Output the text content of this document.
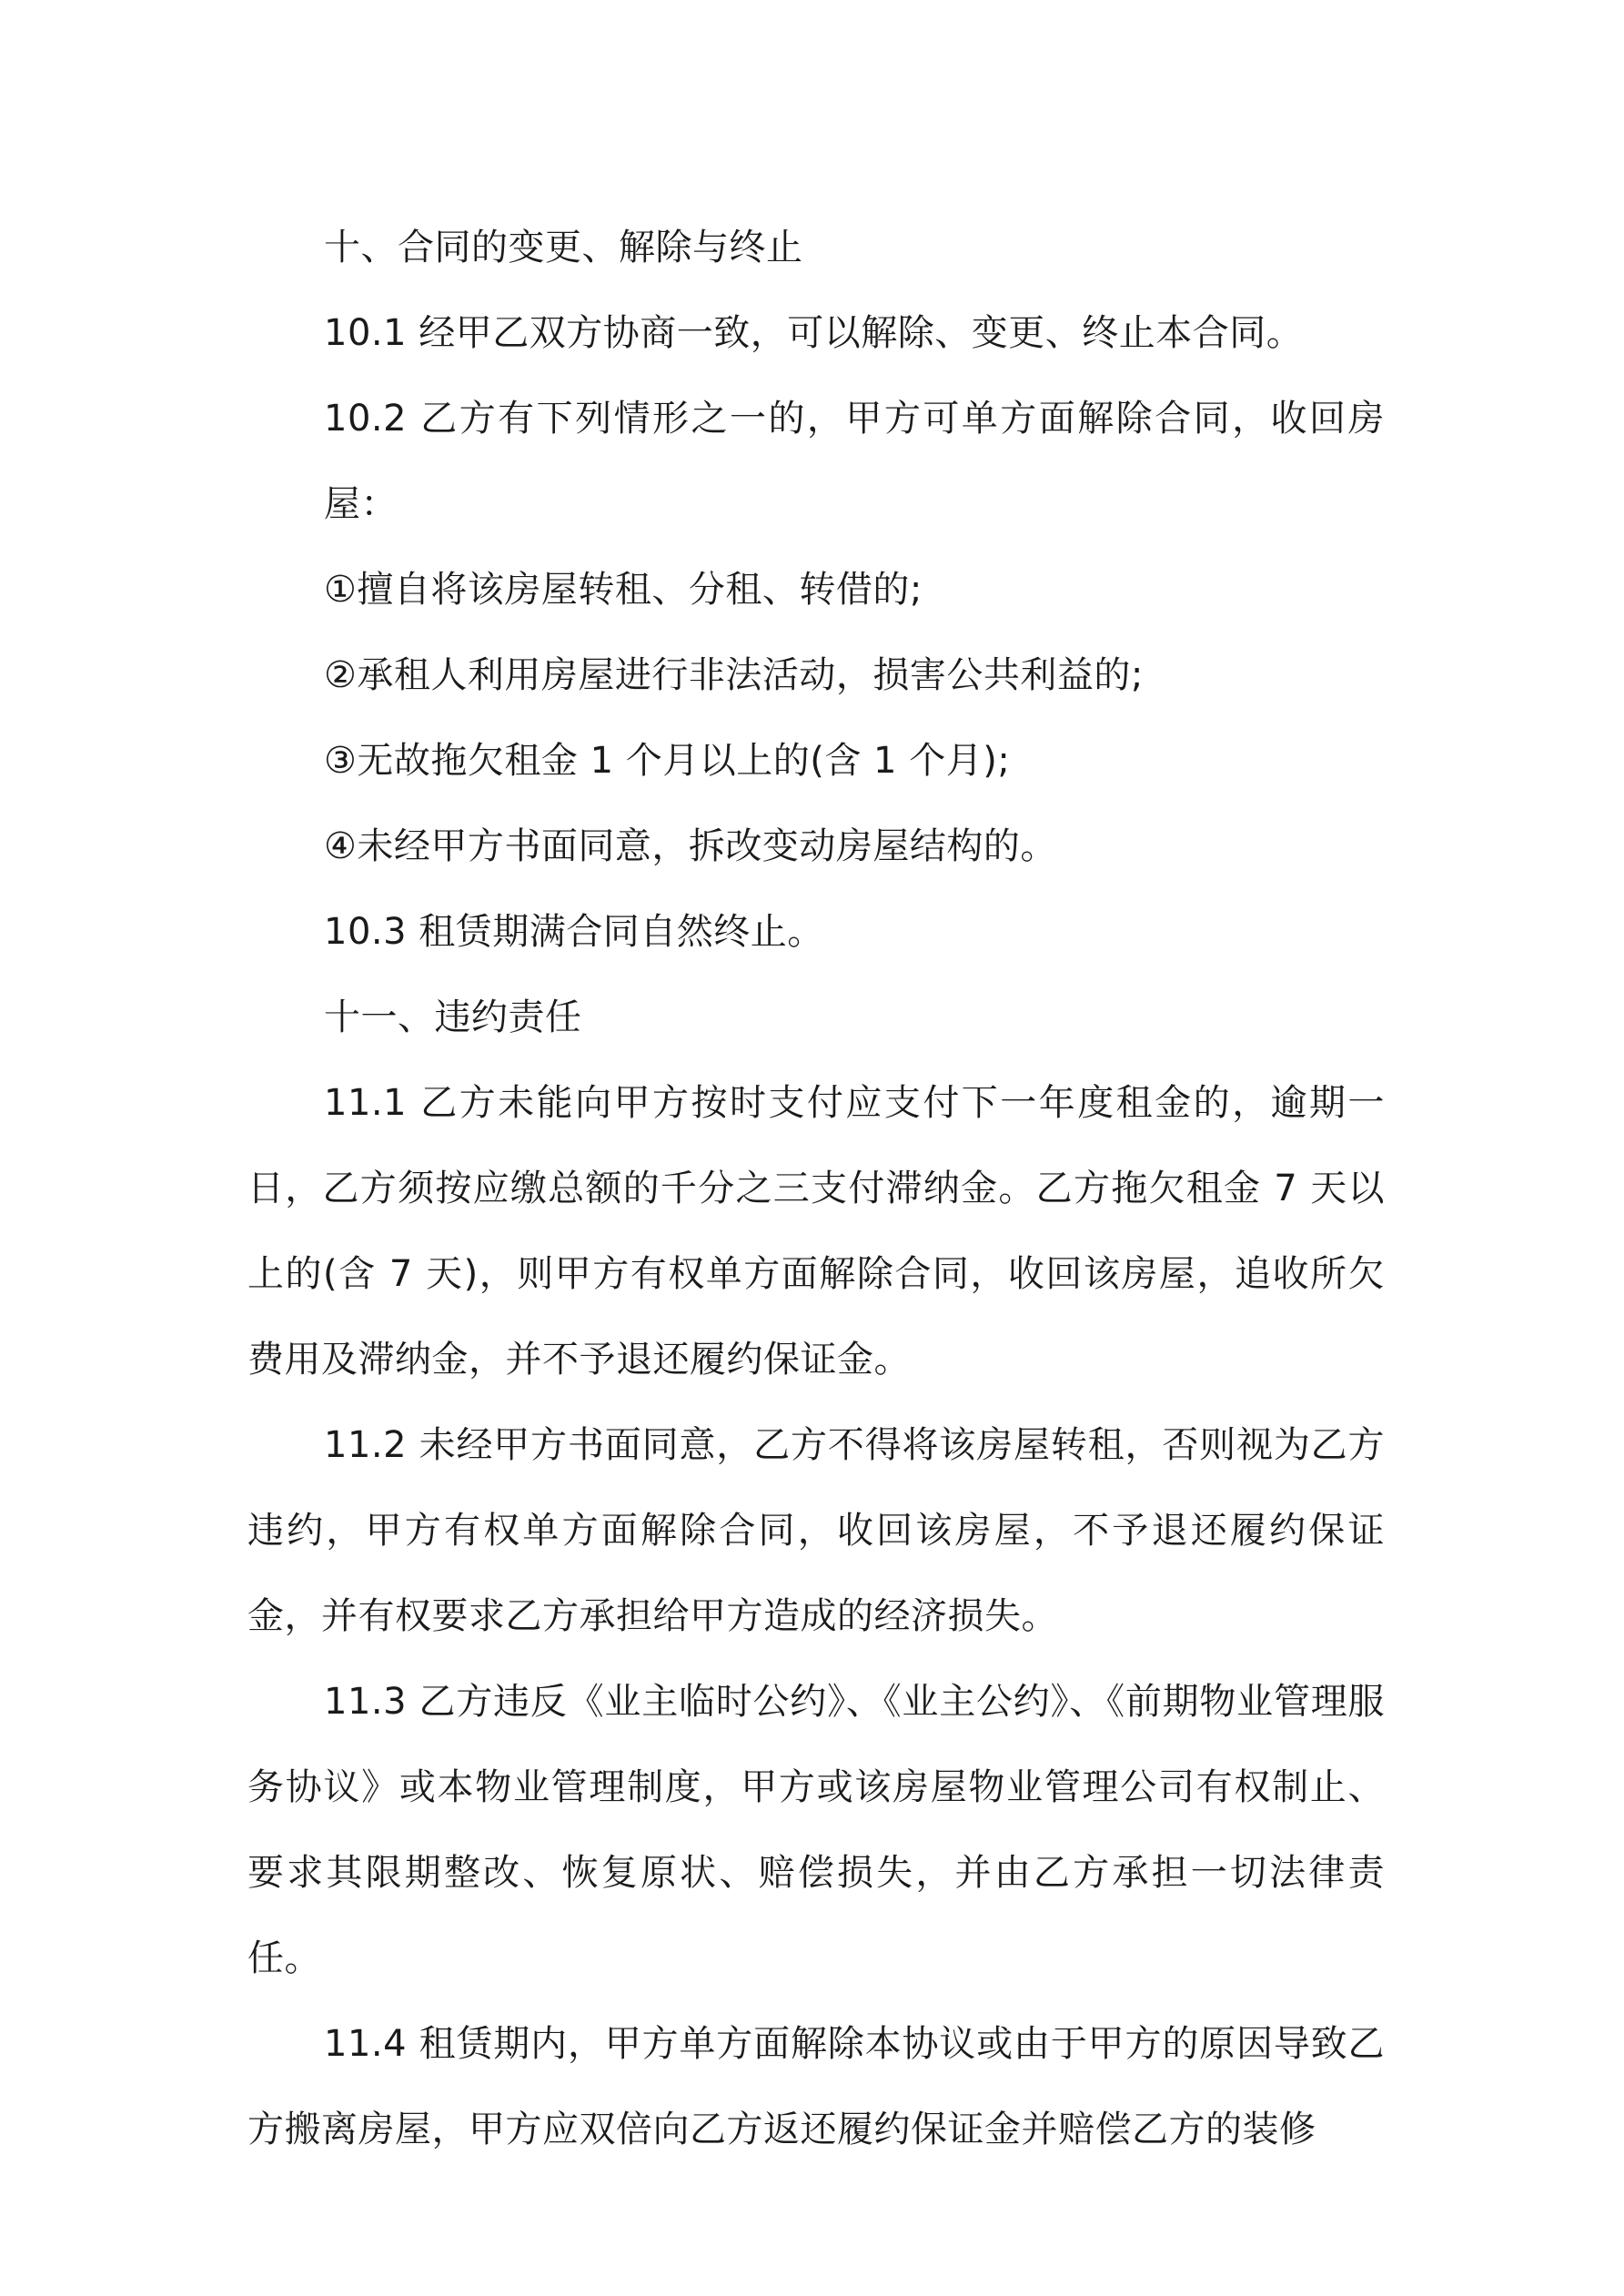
十、合同的变更、解除与终止

10.1 经甲乙双方协商一致，可以解除、变更、终止本合同。

10.2 乙方有下列情形之一的，甲方可单方面解除合同，收回房屋：

①擅自将该房屋转租、分租、转借的;

②承租人利用房屋进行非法活动，损害公共利益的;

③无故拖欠租金 1 个月以上的(含 1 个月);

④未经甲方书面同意，拆改变动房屋结构的。

10.3 租赁期满合同自然终止。

十一、违约责任

11.1 乙方未能向甲方按时支付应支付下一年度租金的，逾期一日，乙方须按应缴总额的千分之三支付滞纳金。乙方拖欠租金 7 天以上的(含 7 天)，则甲方有权单方面解除合同，收回该房屋，追收所欠费用及滞纳金，并不予退还履约保证金。

11.2 未经甲方书面同意，乙方不得将该房屋转租，否则视为乙方违约，甲方有权单方面解除合同，收回该房屋，不予退还履约保证金，并有权要求乙方承担给甲方造成的经济损失。

11.3 乙方违反《业主临时公约》、《业主公约》、《前期物业管理服务协议》或本物业管理制度，甲方或该房屋物业管理公司有权制止、要求其限期整改、恢复原状、赔偿损失，并由乙方承担一切法律责任。

11.4 租赁期内，甲方单方面解除本协议或由于甲方的原因导致乙方搬离房屋，甲方应双倍向乙方返还履约保证金并赔偿乙方的装修
